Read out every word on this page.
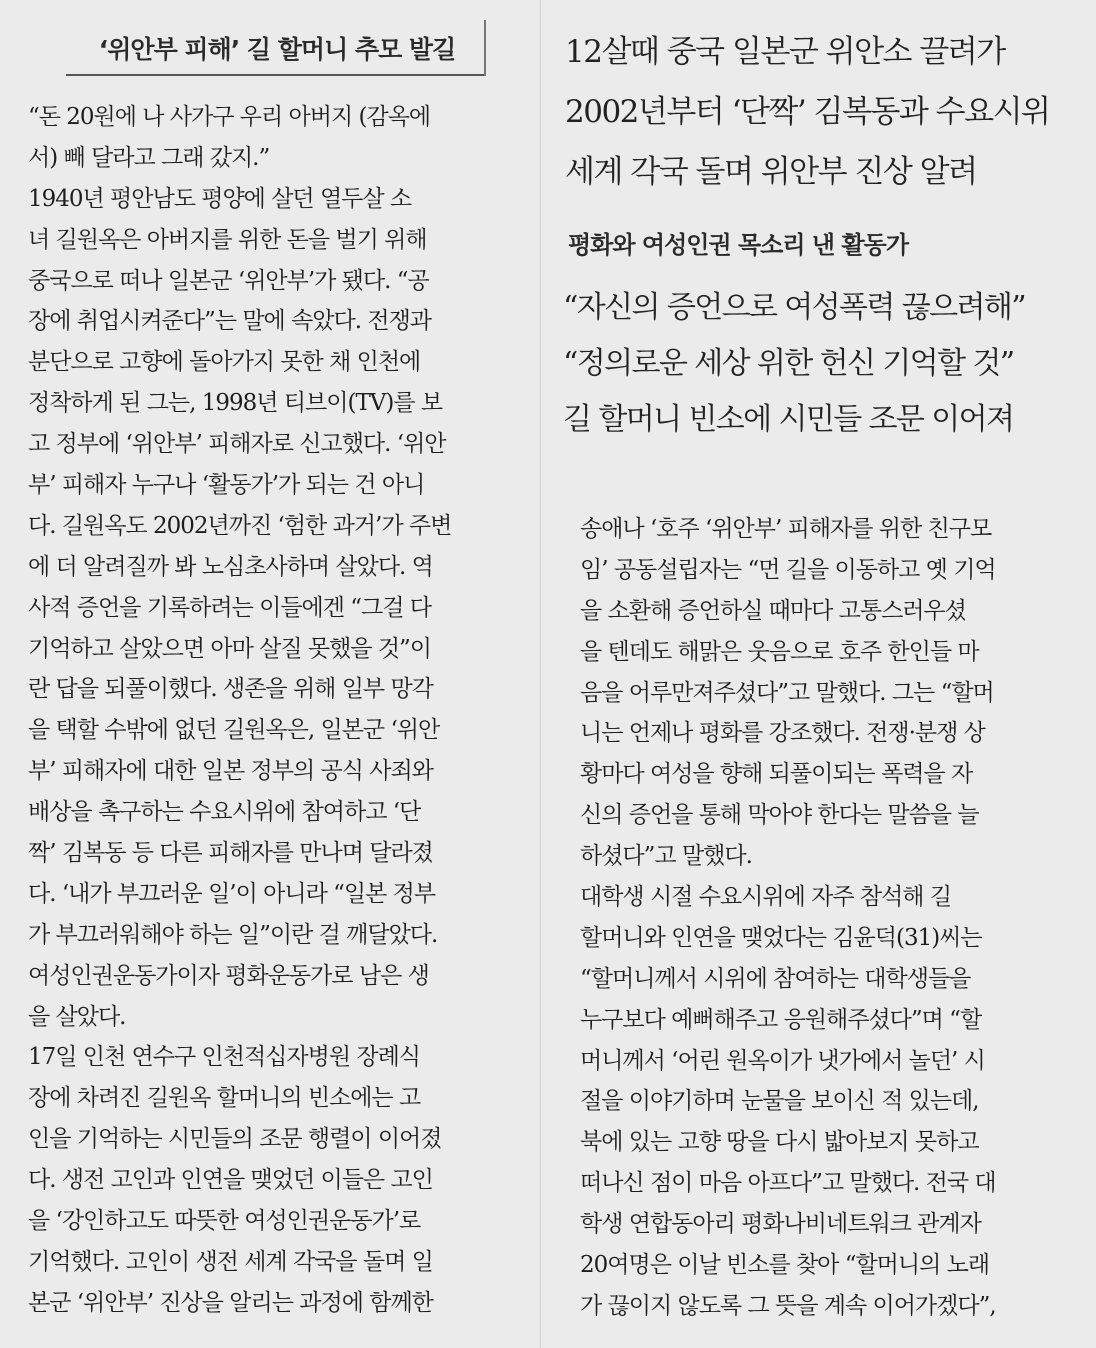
‘위안부 피해’ 길 할머니 추모 발길
“돈 20원에 나 사가구 우리 아버지 (감옥에
서) 빼 달라고 그래 갔지.”
1940년 평안남도 평양에 살던 열두살 소
녀 길원옥은 아버지를 위한 돈을 벌기 위해
중국으로 떠나 일본군 ‘위안부’가 됐다. “공
장에 취업시켜준다”는 말에 속았다. 전쟁과
분단으로 고향에 돌아가지 못한 채 인천에
정착하게 된 그는, 1998년 티브이(TV)를 보
고 정부에 ‘위안부’ 피해자로 신고했다. ‘위안
부’ 피해자 누구나 ‘활동가’가 되는 건 아니
다. 길원옥도 2002년까진 ‘험한 과거’가 주변
에 더 알려질까 봐 노심초사하며 살았다. 역
사적 증언을 기록하려는 이들에겐 “그걸 다
기억하고 살았으면 아마 살질 못했을 것”이
란 답을 되풀이했다. 생존을 위해 일부 망각
을 택할 수밖에 없던 길원옥은, 일본군 ‘위안
부’ 피해자에 대한 일본 정부의 공식 사죄와
배상을 촉구하는 수요시위에 참여하고 ‘단
짝’ 김복동 등 다른 피해자를 만나며 달라졌
다. ‘내가 부끄러운 일’이 아니라 “일본 정부
가 부끄러워해야 하는 일”이란 걸 깨달았다.
여성인권운동가이자 평화운동가로 남은 생
을 살았다.
17일 인천 연수구 인천적십자병원 장례식
장에 차려진 길원옥 할머니의 빈소에는 고
인을 기억하는 시민들의 조문 행렬이 이어졌
다. 생전 고인과 인연을 맺었던 이들은 고인
을 ‘강인하고도 따뜻한 여성인권운동가’로
기억했다. 고인이 생전 세계 각국을 돌며 일
본군 ‘위안부’ 진상을 알리는 과정에 함께한
12살때 중국 일본군 위안소 끌려가
2002년부터 ‘단짝’ 김복동과 수요시위
세계 각국 돌며 위안부 진상 알려
평화와 여성인권 목소리 낸 활동가
“자신의 증언으로 여성폭력 끊으려해”
“정의로운 세상 위한 헌신 기억할 것”
길 할머니 빈소에 시민들 조문 이어져
송애나 ‘호주 ‘위안부’ 피해자를 위한 친구모
임’ 공동설립자는 “먼 길을 이동하고 옛 기억
을 소환해 증언하실 때마다 고통스러우셨
을 텐데도 해맑은 웃음으로 호주 한인들 마
음을 어루만져주셨다”고 말했다. 그는 “할머
니는 언제나 평화를 강조했다. 전쟁·분쟁 상
황마다 여성을 향해 되풀이되는 폭력을 자
신의 증언을 통해 막아야 한다는 말씀을 늘
하셨다”고 말했다.
대학생 시절 수요시위에 자주 참석해 길
할머니와 인연을 맺었다는 김윤덕(31)씨는
“할머니께서 시위에 참여하는 대학생들을
누구보다 예뻐해주고 응원해주셨다”며 “할
머니께서 ‘어린 원옥이가 냇가에서 놀던’ 시
절을 이야기하며 눈물을 보이신 적 있는데,
북에 있는 고향 땅을 다시 밟아보지 못하고
떠나신 점이 마음 아프다”고 말했다. 전국 대
학생 연합동아리 평화나비네트워크 관계자
20여명은 이날 빈소를 찾아 “할머니의 노래
가 끊이지 않도록 그 뜻을 계속 이어가겠다”,
